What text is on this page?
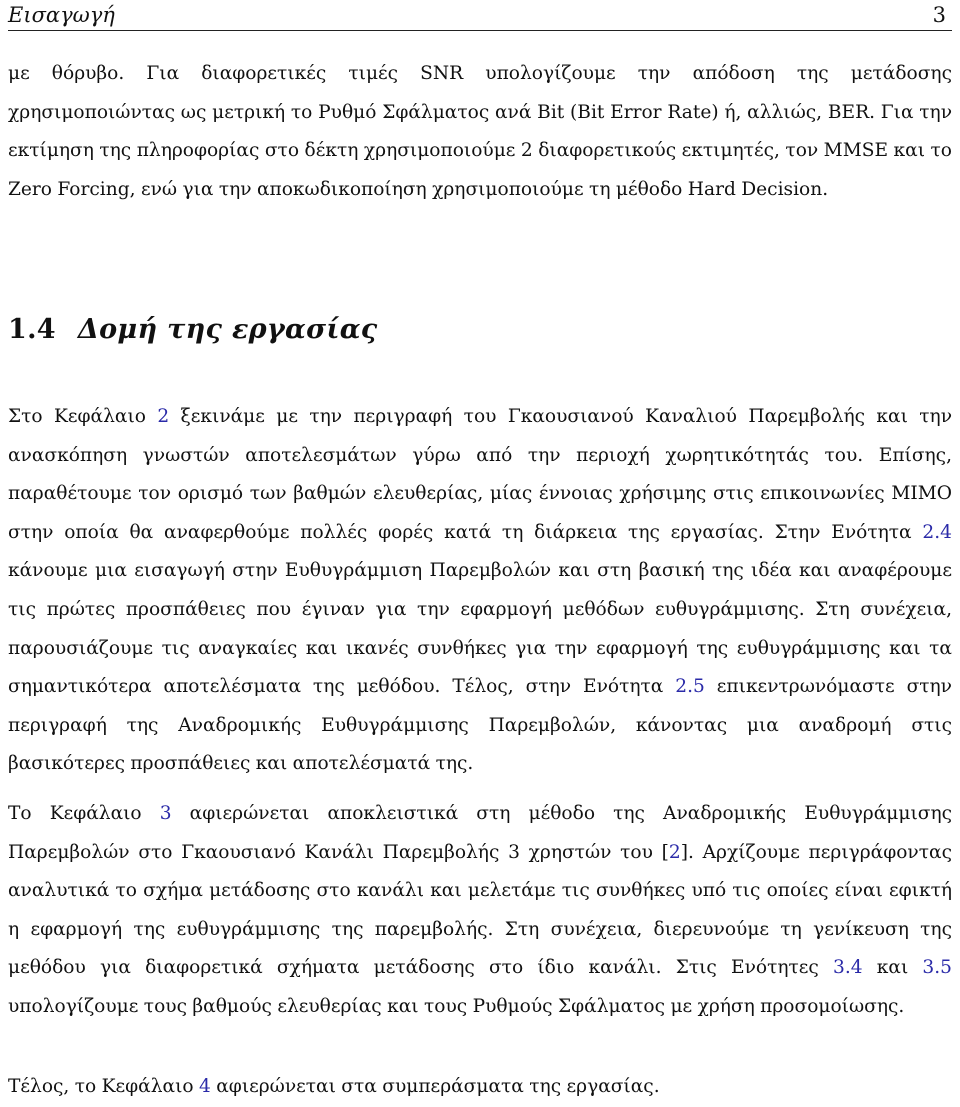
Εισαγωγή	3

με θόρυβο. Για διαφορετικές τιμές SNR υπολογίζουμε την απόδοση της μετάδοσης χρησιμοποιώντας ως μετρική το Ρυθμό Σφάλματος ανά Bit (Bit Error Rate) ή, αλλιώς, BER. Για την εκτίμηση της πληροφορίας στο δέκτη χρησιμοποιούμε 2 διαφορετικούς εκτιμητές, τον MMSE και το Zero Forcing, ενώ για την αποκωδικοποίηση χρησιμοποιούμε τη μέθοδο Hard Decision.

1.4 Δομή της εργασίας

Στο Κεφάλαιο 2 ξεκινάμε με την περιγραφή του Γκαουσιανού Καναλιού Παρεμβολής και την ανασκόπηση γνωστών αποτελεσμάτων γύρω από την περιοχή χωρητικότητάς του. Επίσης, παραθέτουμε τον ορισμό των βαθμών ελευθερίας, μίας έννοιας χρήσιμης στις επικοινωνίες MIMO στην οποία θα αναφερθούμε πολλές φορές κατά τη διάρκεια της εργασίας. Στην Ενότητα 2.4 κάνουμε μια εισαγωγή στην Ευθυγράμμιση Παρεμβολών και στη βασική της ιδέα και αναφέρουμε τις πρώτες προσπάθειες που έγιναν για την εφαρμογή μεθόδων ευθυγράμμισης. Στη συνέχεια, παρουσιάζουμε τις αναγκαίες και ικανές συνθήκες για την εφαρμογή της ευθυγράμμισης και τα σημαντικότερα αποτελέσματα της μεθόδου. Τέλος, στην Ενότητα 2.5 επικεντρωνόμαστε στην περιγραφή της Αναδρομικής Ευθυγράμμισης Παρεμβολών, κάνοντας μια αναδρομή στις βασικότερες προσπάθειες και αποτελέσματά της.

Το Κεφάλαιο 3 αφιερώνεται αποκλειστικά στη μέθοδο της Αναδρομικής Ευθυγράμμισης Παρεμβολών στο Γκαουσιανό Κανάλι Παρεμβολής 3 χρηστών του [2]. Αρχίζουμε περιγράφοντας αναλυτικά το σχήμα μετάδοσης στο κανάλι και μελετάμε τις συνθήκες υπό τις οποίες είναι εφικτή η εφαρμογή της ευθυγράμμισης της παρεμβολής. Στη συνέχεια, διερευνούμε τη γενίκευση της μεθόδου για διαφορετικά σχήματα μετάδοσης στο ίδιο κανάλι. Στις Ενότητες 3.4 και 3.5 υπολογίζουμε τους βαθμούς ελευθερίας και τους Ρυθμούς Σφάλματος με χρήση προσομοίωσης.

Τέλος, το Κεφάλαιο 4 αφιερώνεται στα συμπεράσματα της εργασίας.
